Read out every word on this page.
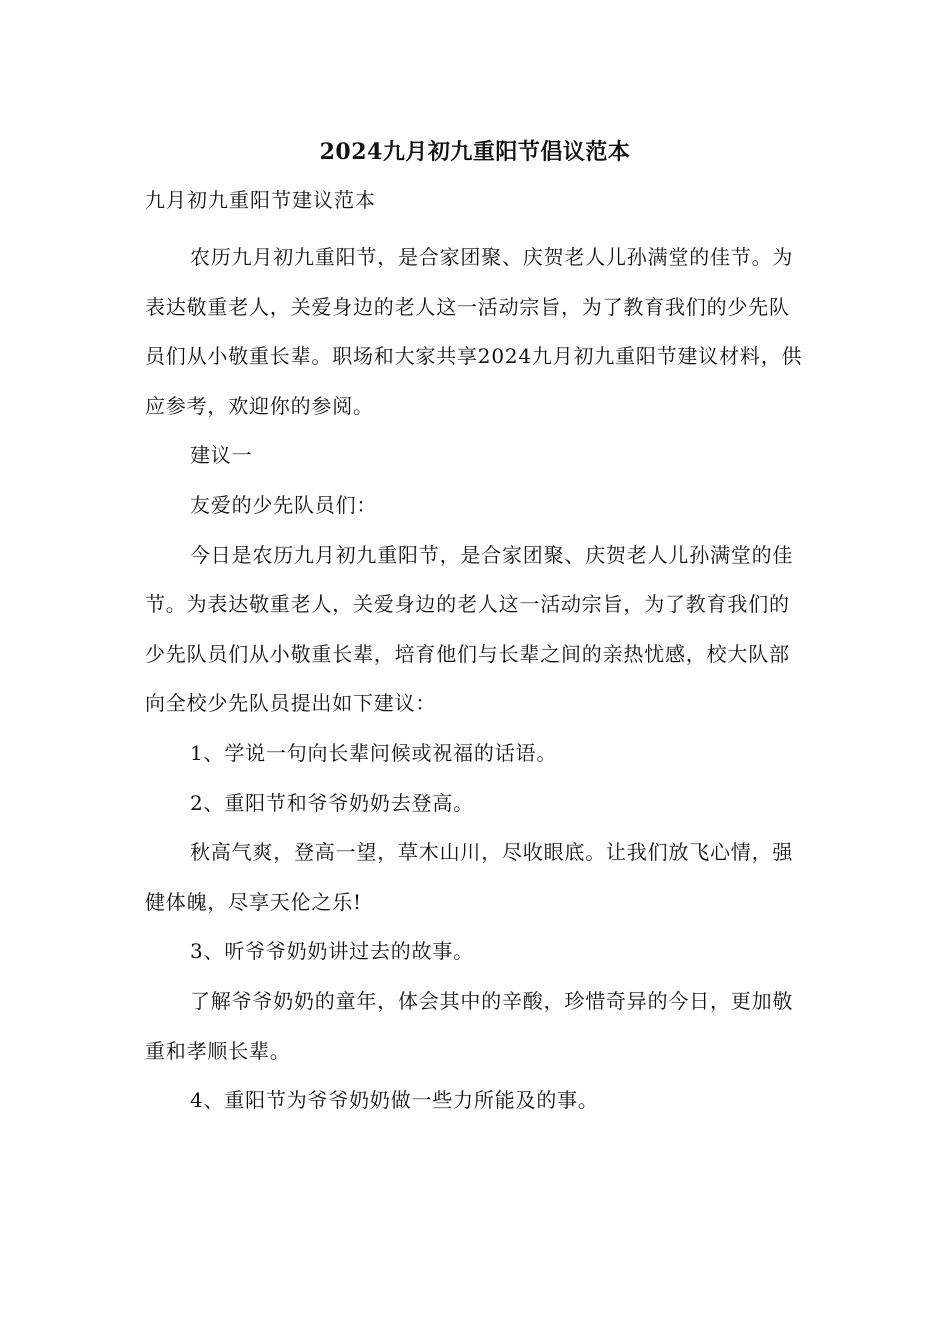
2024九月初九重阳节倡议范本
九月初九重阳节建议范本

农历九月初九重阳节，是合家团聚、庆贺老人儿孙满堂的佳节。为表达敬重老人，关爱身边的老人这一活动宗旨，为了教育我们的少先队员们从小敬重长辈。职场和大家共享2024九月初九重阳节建议材料，供应参考，欢迎你的参阅。

建议一

友爱的少先队员们：

今日是农历九月初九重阳节，是合家团聚、庆贺老人儿孙满堂的佳节。为表达敬重老人，关爱身边的老人这一活动宗旨，为了教育我们的少先队员们从小敬重长辈，培育他们与长辈之间的亲热忧感，校大队部向全校少先队员提出如下建议：

1、学说一句向长辈问候或祝福的话语。

2、重阳节和爷爷奶奶去登高。

秋高气爽，登高一望，草木山川，尽收眼底。让我们放飞心情，强健体魄，尽享天伦之乐!

3、听爷爷奶奶讲过去的故事。

了解爷爷奶奶的童年，体会其中的辛酸，珍惜奇异的今日，更加敬重和孝顺长辈。

4、重阳节为爷爷奶奶做一些力所能及的事。
